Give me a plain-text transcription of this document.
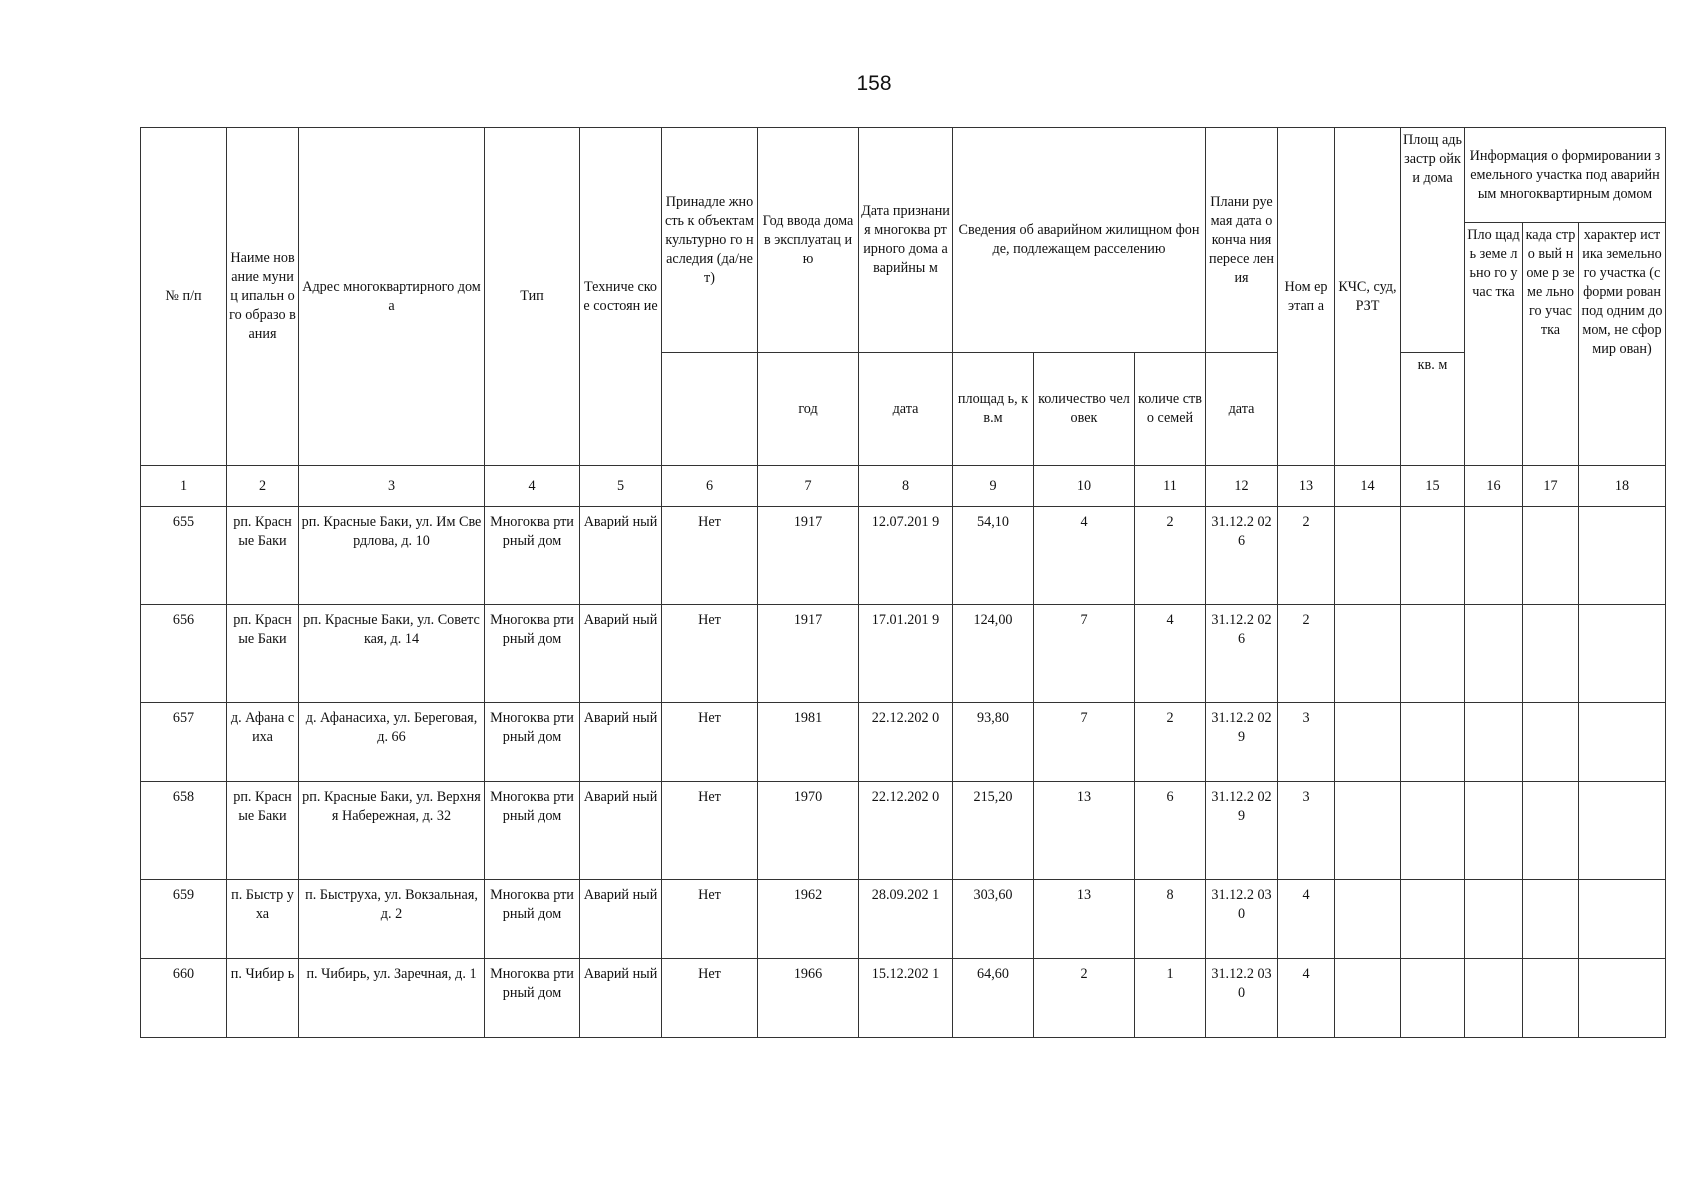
158
№ п/п	Наиме нование муниц ипальн ого образо вания	Адрес многоквартирного дома	Тип	Техниче ское состоян ие	Принадле жность к объектам культурно го наследия (да/нет)	Год ввода дома в эксплуатац ию	Дата признани я многоква ртирного дома аварийны м	Сведения об аварийном жилищном фонде, подлежащем расселению			Плани руемая дата оконча ния пересе ления	Ном ер этап а	КЧС, суд, РЗТ	Площ адь застр ойки дома	Информация о формировании земельного участка под аварийным многоквартирным домом		
															Пло щадь земе льно го учас тка	када стро вый номе р земе льно го учас тка	характер истика земельно го участка (сформи рован под одним домом, не сформир ован)
						год	дата	площад ь, кв.м	количество человек	количе ство семей	дата			кв. м			
1	2	3	4	5	6	7	8	9	10	11	12	13	14	15	16	17	18
655	рп. Красн ые Баки	рп. Красные Баки, ул. Им Свердлова, д. 10	Многоква ртирный дом	Аварий ный	Нет	1917	12.07.201 9	54,10	4	2	31.12.2 026	2					
656	рп. Красн ые Баки	рп. Красные Баки, ул. Советская, д. 14	Многоква ртирный дом	Аварий ный	Нет	1917	17.01.201 9	124,00	7	4	31.12.2 026	2					
657	д. Афана сиха	д. Афанасиха, ул. Береговая, д. 66	Многоква ртирный дом	Аварий ный	Нет	1981	22.12.202 0	93,80	7	2	31.12.2 029	3					
658	рп. Красн ые Баки	рп. Красные Баки, ул. Верхняя Набережная, д. 32	Многоква ртирный дом	Аварий ный	Нет	1970	22.12.202 0	215,20	13	6	31.12.2 029	3					
659	п. Быстр уха	п. Быструха, ул. Вокзальная, д. 2	Многоква ртирный дом	Аварий ный	Нет	1962	28.09.202 1	303,60	13	8	31.12.2 030	4					
660	п. Чибир ь	п. Чибирь, ул. Заречная, д. 1	Многоква ртирный дом	Аварий ный	Нет	1966	15.12.202 1	64,60	2	1	31.12.2 030	4					
